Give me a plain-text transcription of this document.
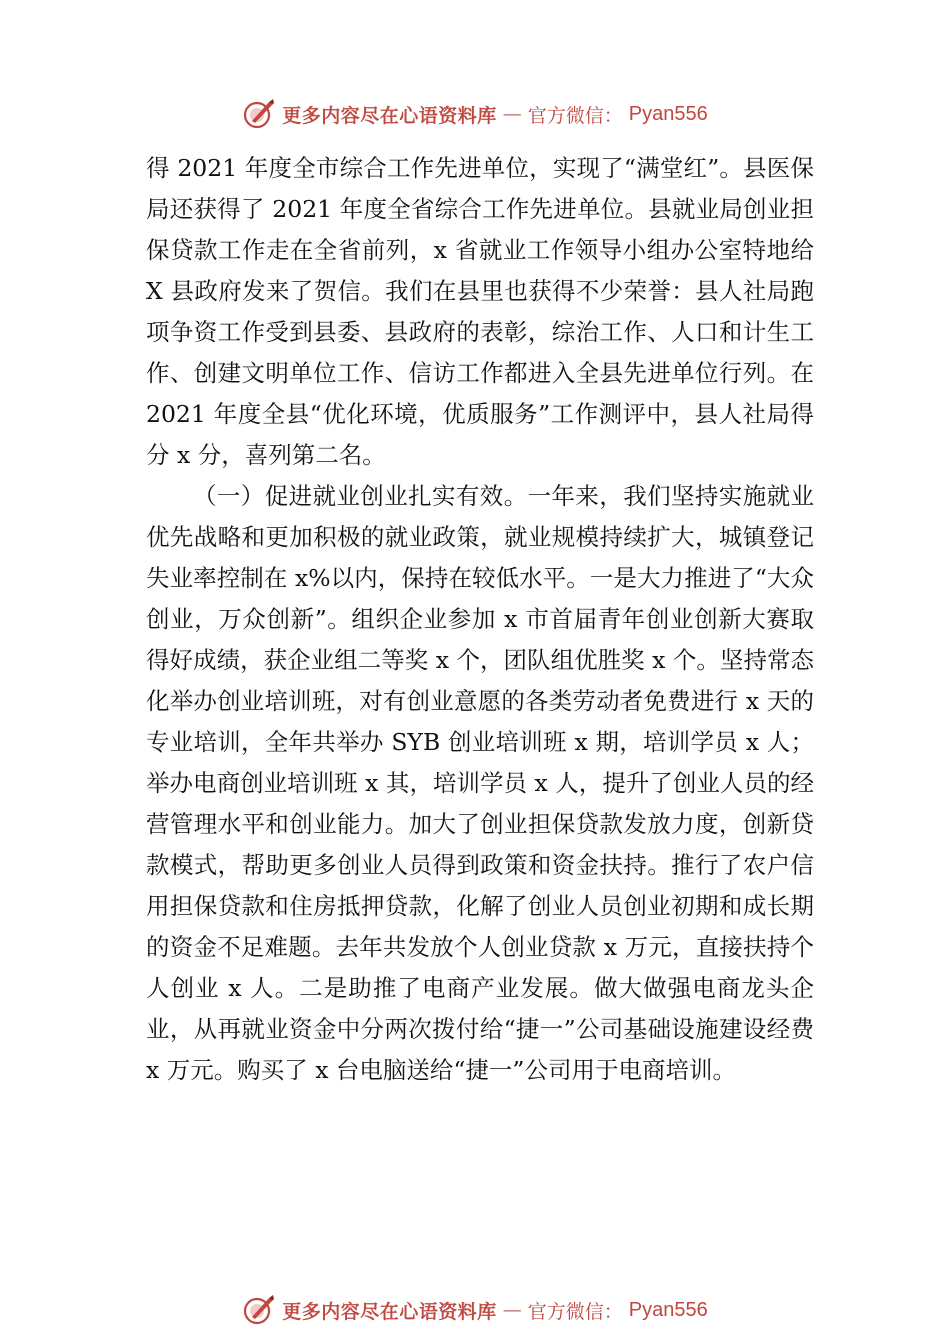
更多内容尽在心语资料库 — 官方微信： Pyan556

得 2021 年度全市综合工作先进单位，实现了“满堂红”。县医保局还获得了 2021 年度全省综合工作先进单位。县就业局创业担保贷款工作走在全省前列，x 省就业工作领导小组办公室特地给 X 县政府发来了贺信。我们在县里也获得不少荣誉：县人社局跑项争资工作受到县委、县政府的表彰，综治工作、人口和计生工作、创建文明单位工作、信访工作都进入全县先进单位行列。在 2021 年度全县“优化环境，优质服务”工作测评中，县人社局得分 x 分，喜列第二名。

（一）促进就业创业扎实有效。一年来，我们坚持实施就业优先战略和更加积极的就业政策，就业规模持续扩大，城镇登记失业率控制在 x%以内，保持在较低水平。一是大力推进了“大众创业，万众创新”。组织企业参加 x 市首届青年创业创新大赛取得好成绩，获企业组二等奖 x 个，团队组优胜奖 x 个。坚持常态化举办创业培训班，对有创业意愿的各类劳动者免费进行 x 天的专业培训，全年共举办 SYB 创业培训班 x 期，培训学员 x 人；举办电商创业培训班 x 其，培训学员 x 人，提升了创业人员的经营管理水平和创业能力。加大了创业担保贷款发放力度，创新贷款模式，帮助更多创业人员得到政策和资金扶持。推行了农户信用担保贷款和住房抵押贷款，化解了创业人员创业初期和成长期的资金不足难题。去年共发放个人创业贷款 x 万元，直接扶持个人创业 x 人。二是助推了电商产业发展。做大做强电商龙头企业，从再就业资金中分两次拨付给“捷一”公司基础设施建设经费 x 万元。购买了 x 台电脑送给“捷一”公司用于电商培训。

更多内容尽在心语资料库 — 官方微信： Pyan556
